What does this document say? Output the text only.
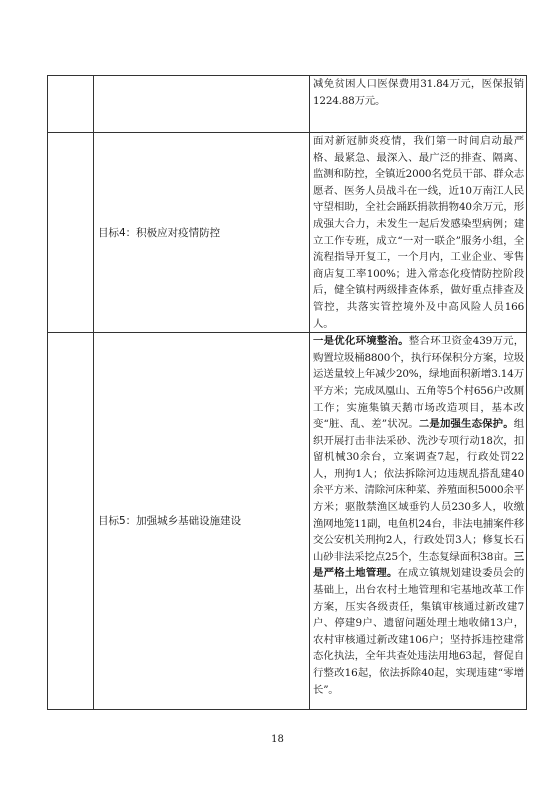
		减免贫困人口医保费用31.84万元，医保报销1224.88万元。

	目标4：积极应对疫情防控	面对新冠肺炎疫情，我们第一时间启动最严格、最紧急、最深入、最广泛的排查、隔离、监测和防控，全镇近2000名党员干部、群众志愿者、医务人员战斗在一线，近10万南江人民守望相助，全社会踊跃捐款捐物40余万元，形成强大合力，未发生一起后发感染型病例；建立工作专班，成立“一对一联企”服务小组，全流程指导开复工，一个月内，工业企业、零售商店复工率100%；进入常态化疫情防控阶段后，健全镇村两级排查体系，做好重点排查及管控，共落实管控境外及中高风险人员166人。

	目标5：加强城乡基础设施建设	一是优化环境整治。整合环卫资金439万元，购置垃圾桶8800个，执行环保积分方案，垃圾运送量较上年减少20%，绿地面积新增3.14万平方米；完成凤凰山、五角等5个村656户改厕工作；实施集镇天鹅市场改造项目，基本改变“脏、乱、差”状况。二是加强生态保护。组织开展打击非法采砂、洗沙专项行动18次，扣留机械30余台，立案调查7起，行政处罚22人，刑拘1人；依法拆除河边违规乱搭乱建40余平方米、清除河床种菜、养殖面积5000余平方米；驱散禁渔区域垂钓人员230多人，收缴渔网地笼11副，电鱼机24台，非法电捕案件移交公安机关刑拘2人，行政处罚3人；修复长石山砂非法采挖点25个，生态复绿面积38亩。三是严格土地管理。在成立镇规划建设委员会的基础上，出台农村土地管理和宅基地改革工作方案，压实各级责任，集镇审核通过新改建7户、停建9户、遗留问题处理土地收储13户，农村审核通过新改建106户；坚持拆违控建常态化执法，全年共查处违法用地63起，督促自行整改16起，依法拆除40起，实现违建“零增长”。

18
